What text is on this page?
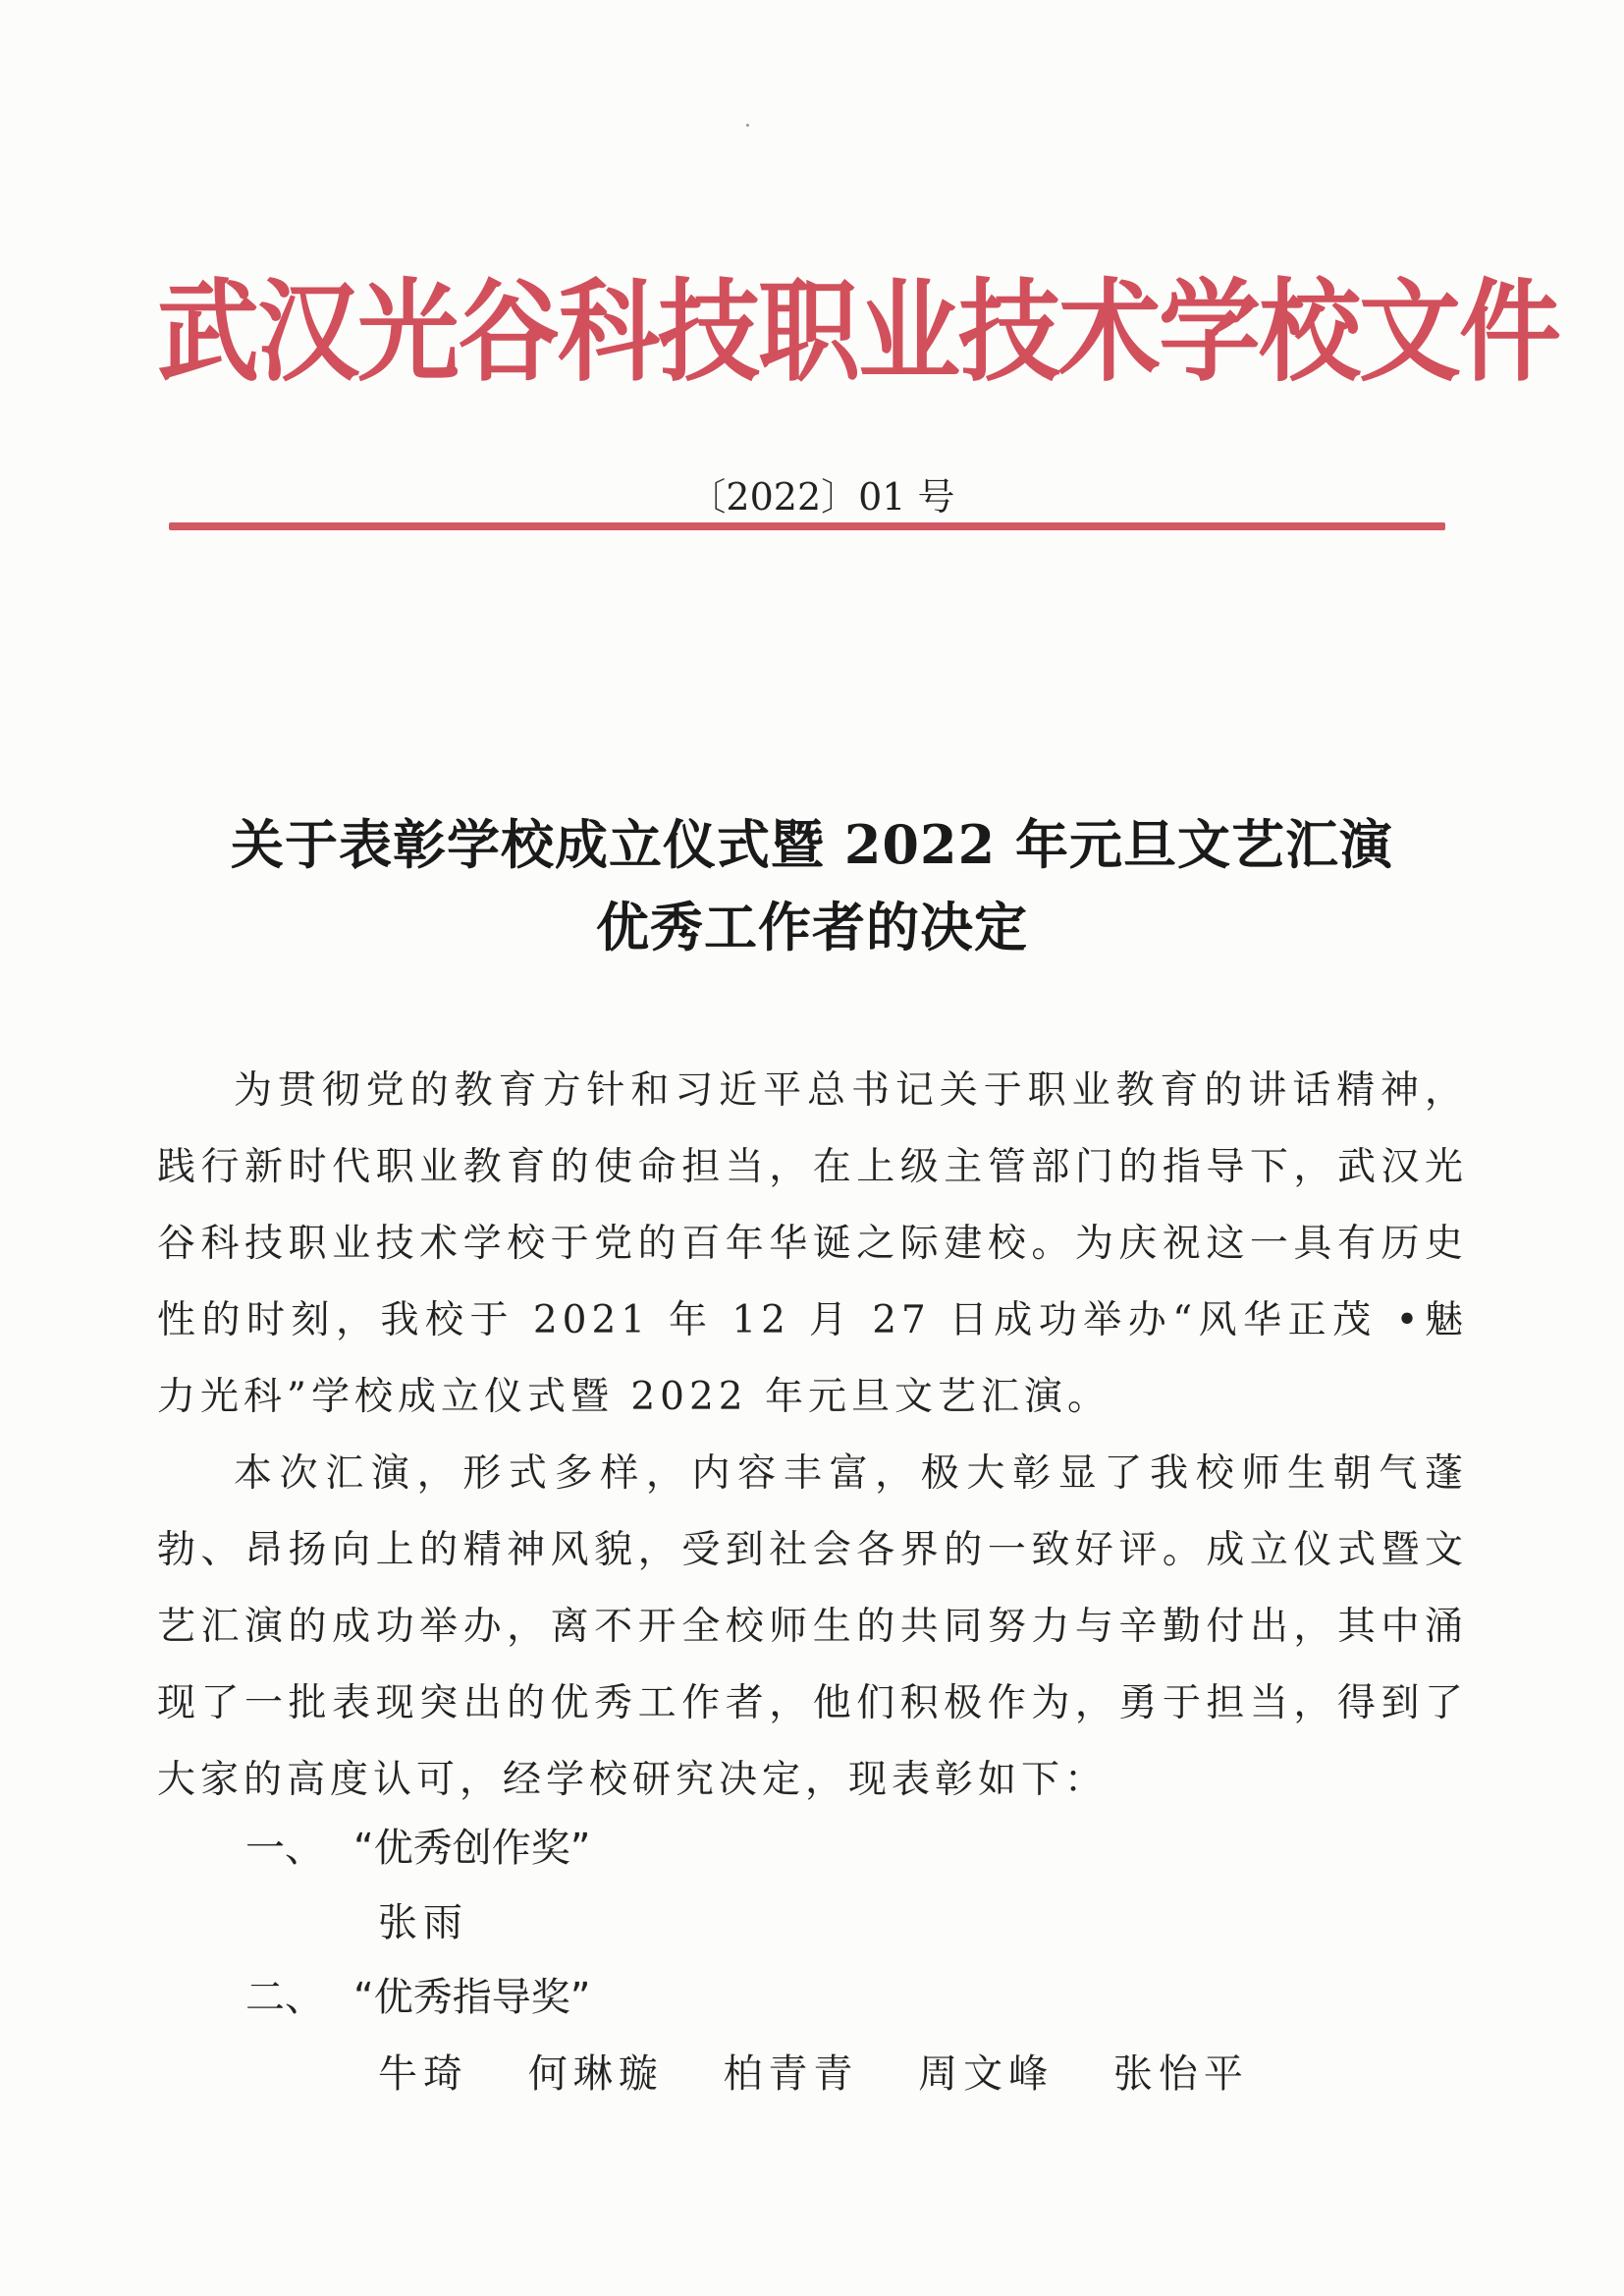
武汉光谷科技职业技术学校文件
〔2022〕01 号
关于表彰学校成立仪式暨 2022 年元旦文艺汇演
优秀工作者的决定

为贯彻党的教育方针和习近平总书记关于职业教育的讲话精神，践行新时代职业教育的使命担当，在上级主管部门的指导下，武汉光谷科技职业技术学校于党的百年华诞之际建校。为庆祝这一具有历史性的时刻，我校于 2021 年 12 月 27 日成功举办“风华正茂 •魅力光科”学校成立仪式暨 2022 年元旦文艺汇演。

本次汇演，形式多样，内容丰富，极大彰显了我校师生朝气蓬勃、昂扬向上的精神风貌，受到社会各界的一致好评。成立仪式暨文艺汇演的成功举办，离不开全校师生的共同努力与辛勤付出，其中涌现了一批表现突出的优秀工作者，他们积极作为，勇于担当，得到了大家的高度认可，经学校研究决定，现表彰如下：

一、 “优秀创作奖”
张雨
二、 “优秀指导奖”
牛琦 何琳璇 柏青青 周文峰 张怡平
